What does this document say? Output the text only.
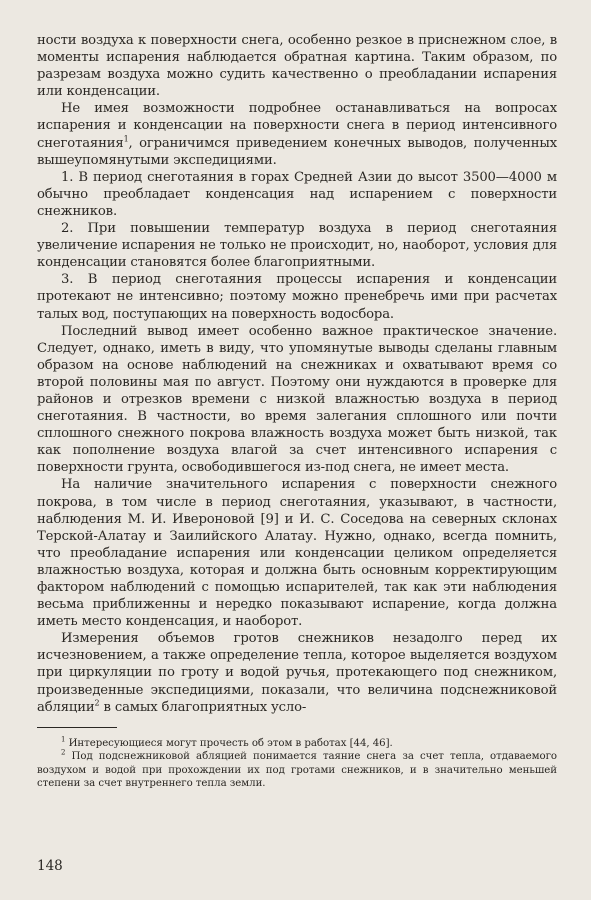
ности воздуха к поверхности снега, особенно резкое в приснежном слое, в моменты испарения наблюдается обратная картина. Таким образом, по разрезам воздуха можно судить качественно о преобладании испарения или конденсации.

Не имея возможности подробнее останавливаться на вопросах испарения и конденсации на поверхности снега в период интенсивного снеготаяния$^1$, ограничимся приведением конечных выводов, полученных вышеупомянутыми экспедициями.

1. В период снеготаяния в горах Средней Азии до высот 3500—4000 м обычно преобладает конденсация над испарением с поверхности снежников.

2. При повышении температур воздуха в период снеготаяния увеличение испарения не только не происходит, но, наоборот, условия для конденсации становятся более благоприятными.

3. В период снеготаяния процессы испарения и конденсации протекают не интенсивно; поэтому можно пренебречь ими при расчетах талых вод, поступающих на поверхность водосбора.

Последний вывод имеет особенно важное практическое значение. Следует, однако, иметь в виду, что упомянутые выводы сделаны главным образом на основе наблюдений на снежниках и охватывают время со второй половины мая по август. Поэтому они нуждаются в проверке для районов и отрезков времени с низкой влажностью воздуха в период снеготаяния. В частности, во время залегания сплошного или почти сплошного снежного покрова влажность воздуха может быть низкой, так как пополнение воздуха влагой за счет интенсивного испарения с поверхности грунта, освободившегося из-под снега, не имеет места.

На наличие значительного испарения с поверхности снежного покрова, в том числе в период снеготаяния, указывают, в частности, наблюдения М. И. Ивероновой [9] и И. С. Соседова на северных склонах Терской-Алатау и Заилийского Алатау. Нужно, однако, всегда помнить, что преобладание испарения или конденсации целиком определяется влажностью воздуха, которая и должна быть основным корректирующим фактором наблюдений с помощью испарителей, так как эти наблюдения весьма приближенны и нередко показывают испарение, когда должна иметь место конденсация, и наоборот.

Измерения объемов гротов снежников незадолго перед их исчезновением, а также определение тепла, которое выделяется воздухом при циркуляции по гроту и водой ручья, протекающего под снежником, произведенные экспедициями, показали, что величина подснежниковой абляции$^2$ в самых благоприятных усло-

$^1$ Интересующиеся могут прочесть об этом в работах [44, 46].

$^2$ Под подснежниковой абляцией понимается таяние снега за счет тепла, отдаваемого воздухом и водой при прохождении их под гротами снежников, и в значительно меньшей степени за счет внутреннего тепла земли.

148
